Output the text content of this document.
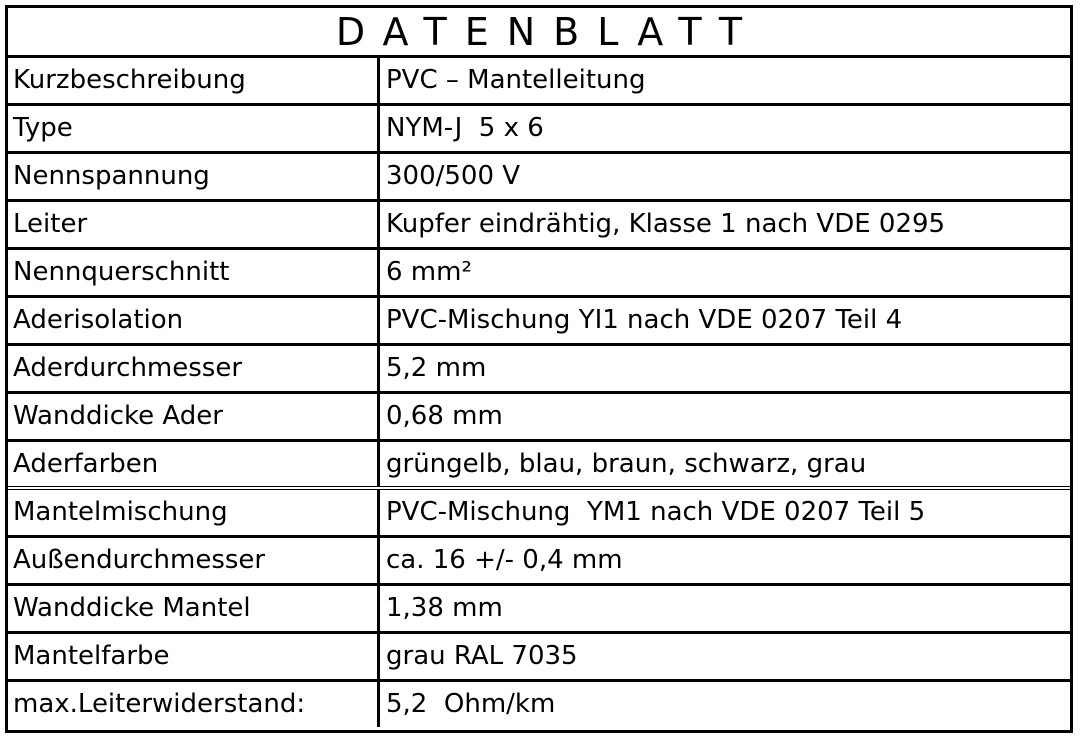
DATENBLATT
Kurzbeschreibung	PVC – Mantelleitung
Type	NYM-J  5 x 6
Nennspannung	300/500 V
Leiter	Kupfer eindrähtig, Klasse 1 nach VDE 0295
Nennquerschnitt	6 mm²
Aderisolation	PVC-Mischung YI1 nach VDE 0207 Teil 4
Aderdurchmesser	5,2 mm
Wanddicke Ader	0,68 mm
Aderfarben	grüngelb, blau, braun, schwarz, grau
Mantelmischung	PVC-Mischung  YM1 nach VDE 0207 Teil 5
Außendurchmesser	ca. 16 +/- 0,4 mm
Wanddicke Mantel	1,38 mm
Mantelfarbe	grau RAL 7035
max.Leiterwiderstand:	5,2  Ohm/km
